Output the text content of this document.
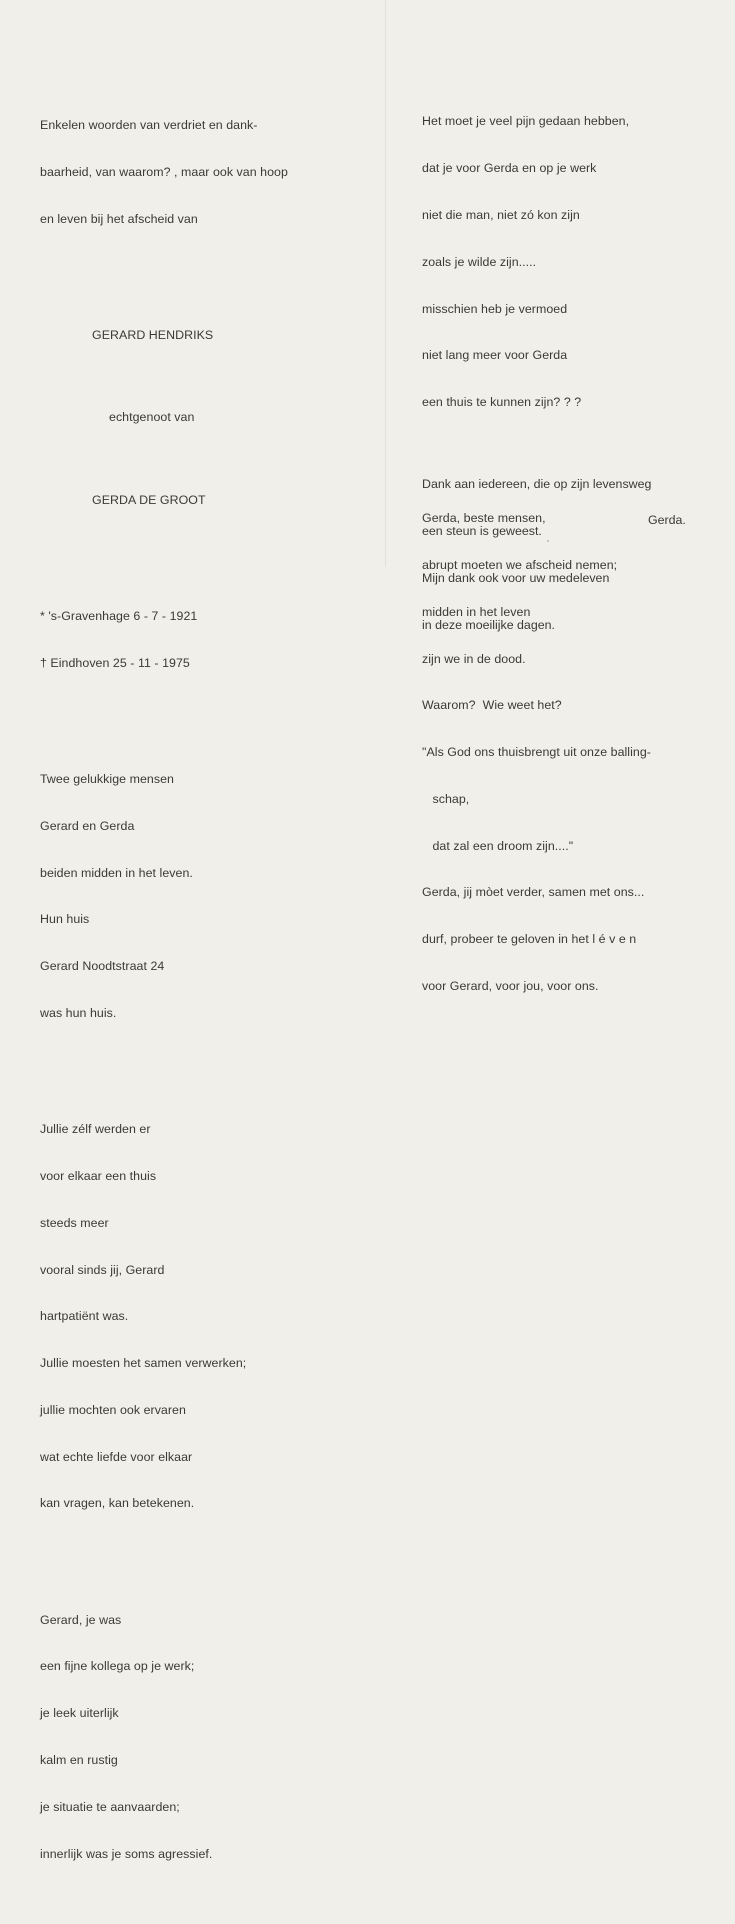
Enkelen woorden van verdriet en dank-

baarheid, van waarom? , maar ook van hoop

en leven bij het afscheid van

GERARD HENDRIKS

echtgenoot van

GERDA DE GROOT

* 's-Gravenhage 6 - 7 - 1921

† Eindhoven 25 - 11 - 1975

Twee gelukkige mensen

Gerard en Gerda

beiden midden in het leven.

Hun huis

Gerard Noodtstraat 24

was hun huis.

Jullie zélf werden er

voor elkaar een thuis

steeds meer

vooral sinds jij, Gerard

hartpatiënt was.

Jullie moesten het samen verwerken;

jullie mochten ook ervaren

wat echte liefde voor elkaar

kan vragen, kan betekenen.

Gerard, je was

een fijne kollega op je werk;

je leek uiterlijk

kalm en rustig

je situatie te aanvaarden;

innerlijk was je soms agressief.

Het moet je veel pijn gedaan hebben,

dat je voor Gerda en op je werk

niet die man, niet zó kon zijn

zoals je wilde zijn.....

misschien heb je vermoed

niet lang meer voor Gerda

een thuis te kunnen zijn? ? ?

Gerda, beste mensen,

abrupt moeten we afscheid nemen;

midden in het leven

zijn we in de dood.

Waarom?  Wie weet het?

"Als God ons thuisbrengt uit onze balling-

schap,

dat zal een droom zijn...."

Gerda, jij mòet verder, samen met ons...

durf, probeer te geloven in het l é v e n

voor Gerard, voor jou, voor ons.

Dank aan iedereen, die op zijn levensweg

een steun is geweest.

Mijn dank ook voor uw medeleven

in deze moeilijke dagen.

Gerda.
